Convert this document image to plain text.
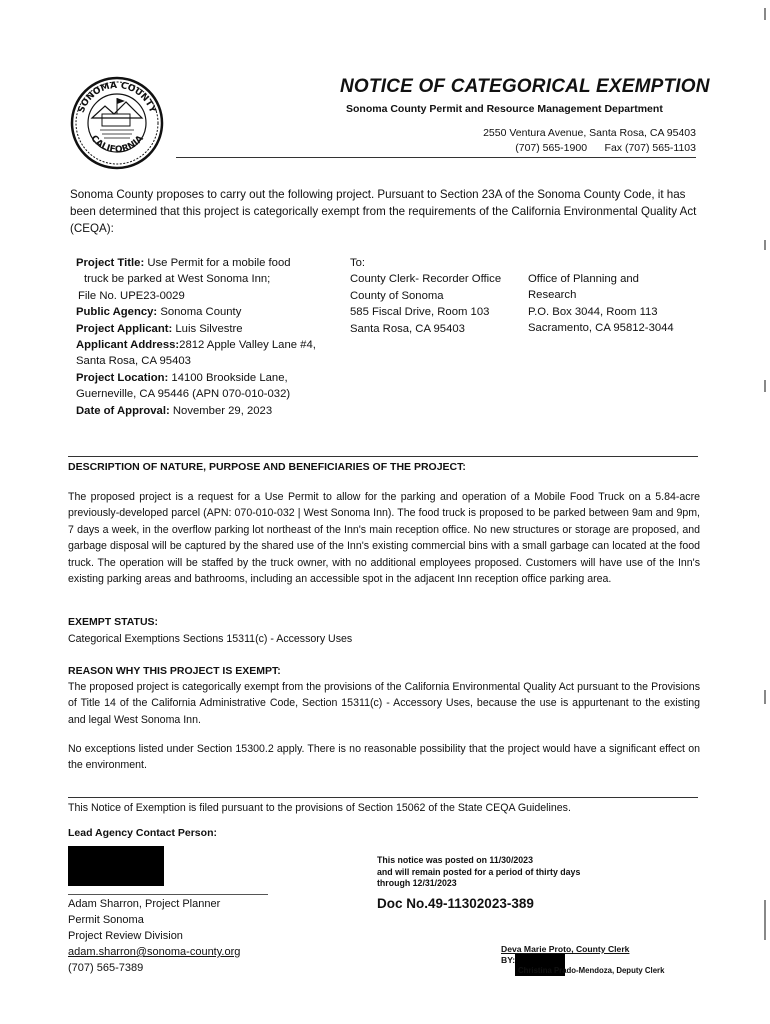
SONOMA COUNTY
CALIFORNIA
NOTICE OF CATEGORICAL EXEMPTION
Sonoma County Permit and Resource Management Department
2550 Ventura Avenue, Santa Rosa, CA 95403
(707) 565-1900      Fax (707) 565-1103
Sonoma County proposes to carry out the following project. Pursuant to Section 23A of the Sonoma County Code, it has been determined that this project is categorically exempt from the requirements of the California Environmental Quality Act (CEQA):
Project Title: Use Permit for a mobile food
truck be parked at West Sonoma Inn;
File No. UPE23-0029
Public Agency: Sonoma County
Project Applicant: Luis Silvestre
Applicant Address:2812 Apple Valley Lane #4,
Santa Rosa, CA 95403
Project Location: 14100 Brookside Lane,
Guerneville, CA 95446 (APN 070-010-032)
Date of Approval: November 29, 2023
To:
County Clerk- Recorder Office
County of Sonoma
585 Fiscal Drive, Room 103
Santa Rosa, CA 95403
Office of Planning and
Research
P.O. Box 3044, Room 113
Sacramento, CA 95812-3044
DESCRIPTION OF NATURE, PURPOSE AND BENEFICIARIES OF THE PROJECT:
The proposed project is a request for a Use Permit to allow for the parking and operation of a Mobile Food Truck on a 5.84-acre previously-developed parcel (APN: 070-010-032 | West Sonoma Inn). The food truck is proposed to be parked between 9am and 9pm, 7 days a week, in the overflow parking lot northeast of the Inn's main reception office. No new structures or storage are proposed, and garbage disposal will be captured by the shared use of the Inn's existing commercial bins with a small garbage can located at the food truck. The operation will be staffed by the truck owner, with no additional employees proposed. Customers will have use of the Inn's existing parking areas and bathrooms, including an accessible spot in the adjacent Inn reception office parking area.
EXEMPT STATUS:
Categorical Exemptions Sections 15311(c) - Accessory Uses
REASON WHY THIS PROJECT IS EXEMPT:
The proposed project is categorically exempt from the provisions of the California Environmental Quality Act pursuant to the Provisions of Title 14 of the California Administrative Code, Section 15311(c) - Accessory Uses, because the use is appurtenant to the existing and legal West Sonoma Inn.
No exceptions listed under Section 15300.2 apply. There is no reasonable possibility that the project would have a significant effect on the environment.
This Notice of Exemption is filed pursuant to the provisions of Section 15062 of the State CEQA Guidelines.
Lead Agency Contact Person:
Adam Sharron, Project Planner
Permit Sonoma
Project Review Division
adam.sharron@sonoma-county.org
(707) 565-7389
This notice was posted on 11/30/2023
and will remain posted for a period of thirty days
through 12/31/2023
Doc No.49-11302023-389
Deva Marie Proto, County Clerk
BY:
Christina Prado-Mendoza, Deputy Clerk
